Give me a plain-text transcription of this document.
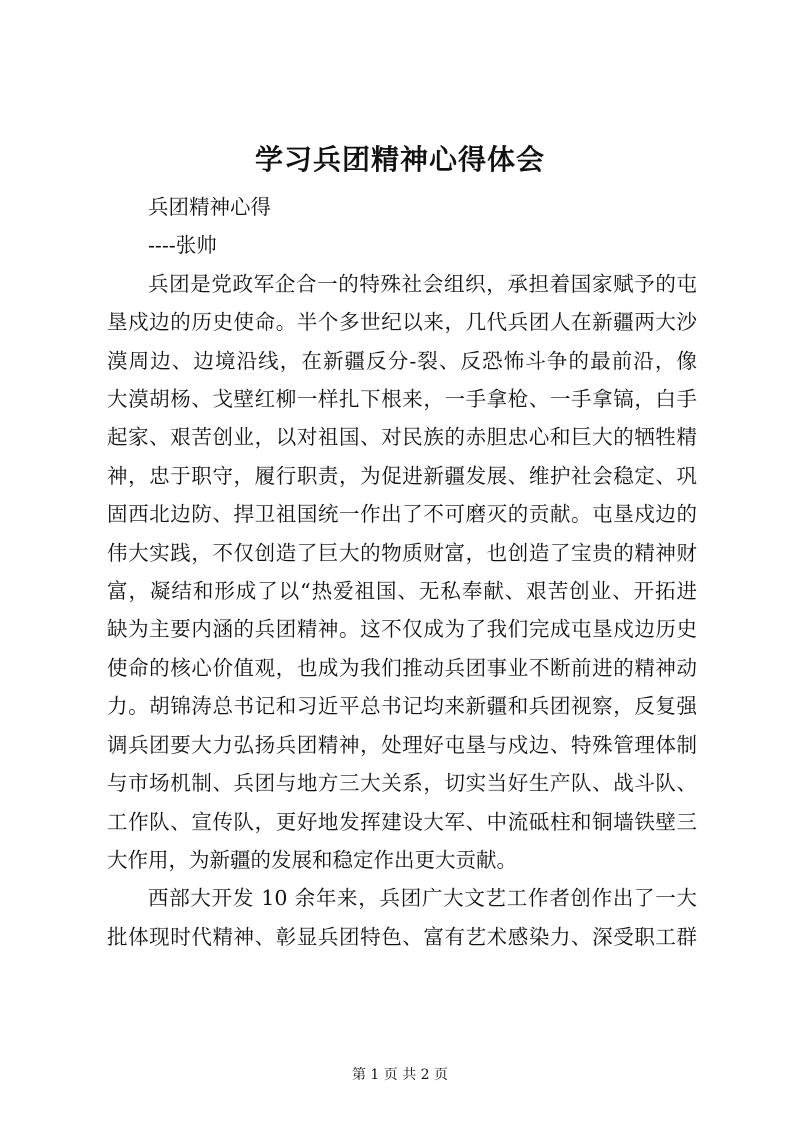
学习兵团精神心得体会
兵团精神心得
----张帅
兵团是党政军企合一的特殊社会组织，承担着国家赋予的屯
垦戍边的历史使命。半个多世纪以来，几代兵团人在新疆两大沙
漠周边、边境沿线，在新疆反分-裂、反恐怖斗争的最前沿，像
大漠胡杨、戈壁红柳一样扎下根来，一手拿枪、一手拿镐，白手
起家、艰苦创业，以对祖国、对民族的赤胆忠心和巨大的牺牲精
神，忠于职守，履行职责，为促进新疆发展、维护社会稳定、巩
固西北边防、捍卫祖国统一作出了不可磨灭的贡献。屯垦戍边的
伟大实践，不仅创造了巨大的物质财富，也创造了宝贵的精神财
富，凝结和形成了以“热爱祖国、无私奉献、艰苦创业、开拓进
缺为主要内涵的兵团精神。这不仅成为了我们完成屯垦戍边历史
使命的核心价值观，也成为我们推动兵团事业不断前进的精神动
力。胡锦涛总书记和习近平总书记均来新疆和兵团视察，反复强
调兵团要大力弘扬兵团精神，处理好屯垦与戍边、特殊管理体制
与市场机制、兵团与地方三大关系，切实当好生产队、战斗队、
工作队、宣传队，更好地发挥建设大军、中流砥柱和铜墙铁壁三
大作用，为新疆的发展和稳定作出更大贡献。
西部大开发 10 余年来，兵团广大文艺工作者创作出了一大
批体现时代精神、彰显兵团特色、富有艺术感染力、深受职工群
第 1 页 共 2 页
